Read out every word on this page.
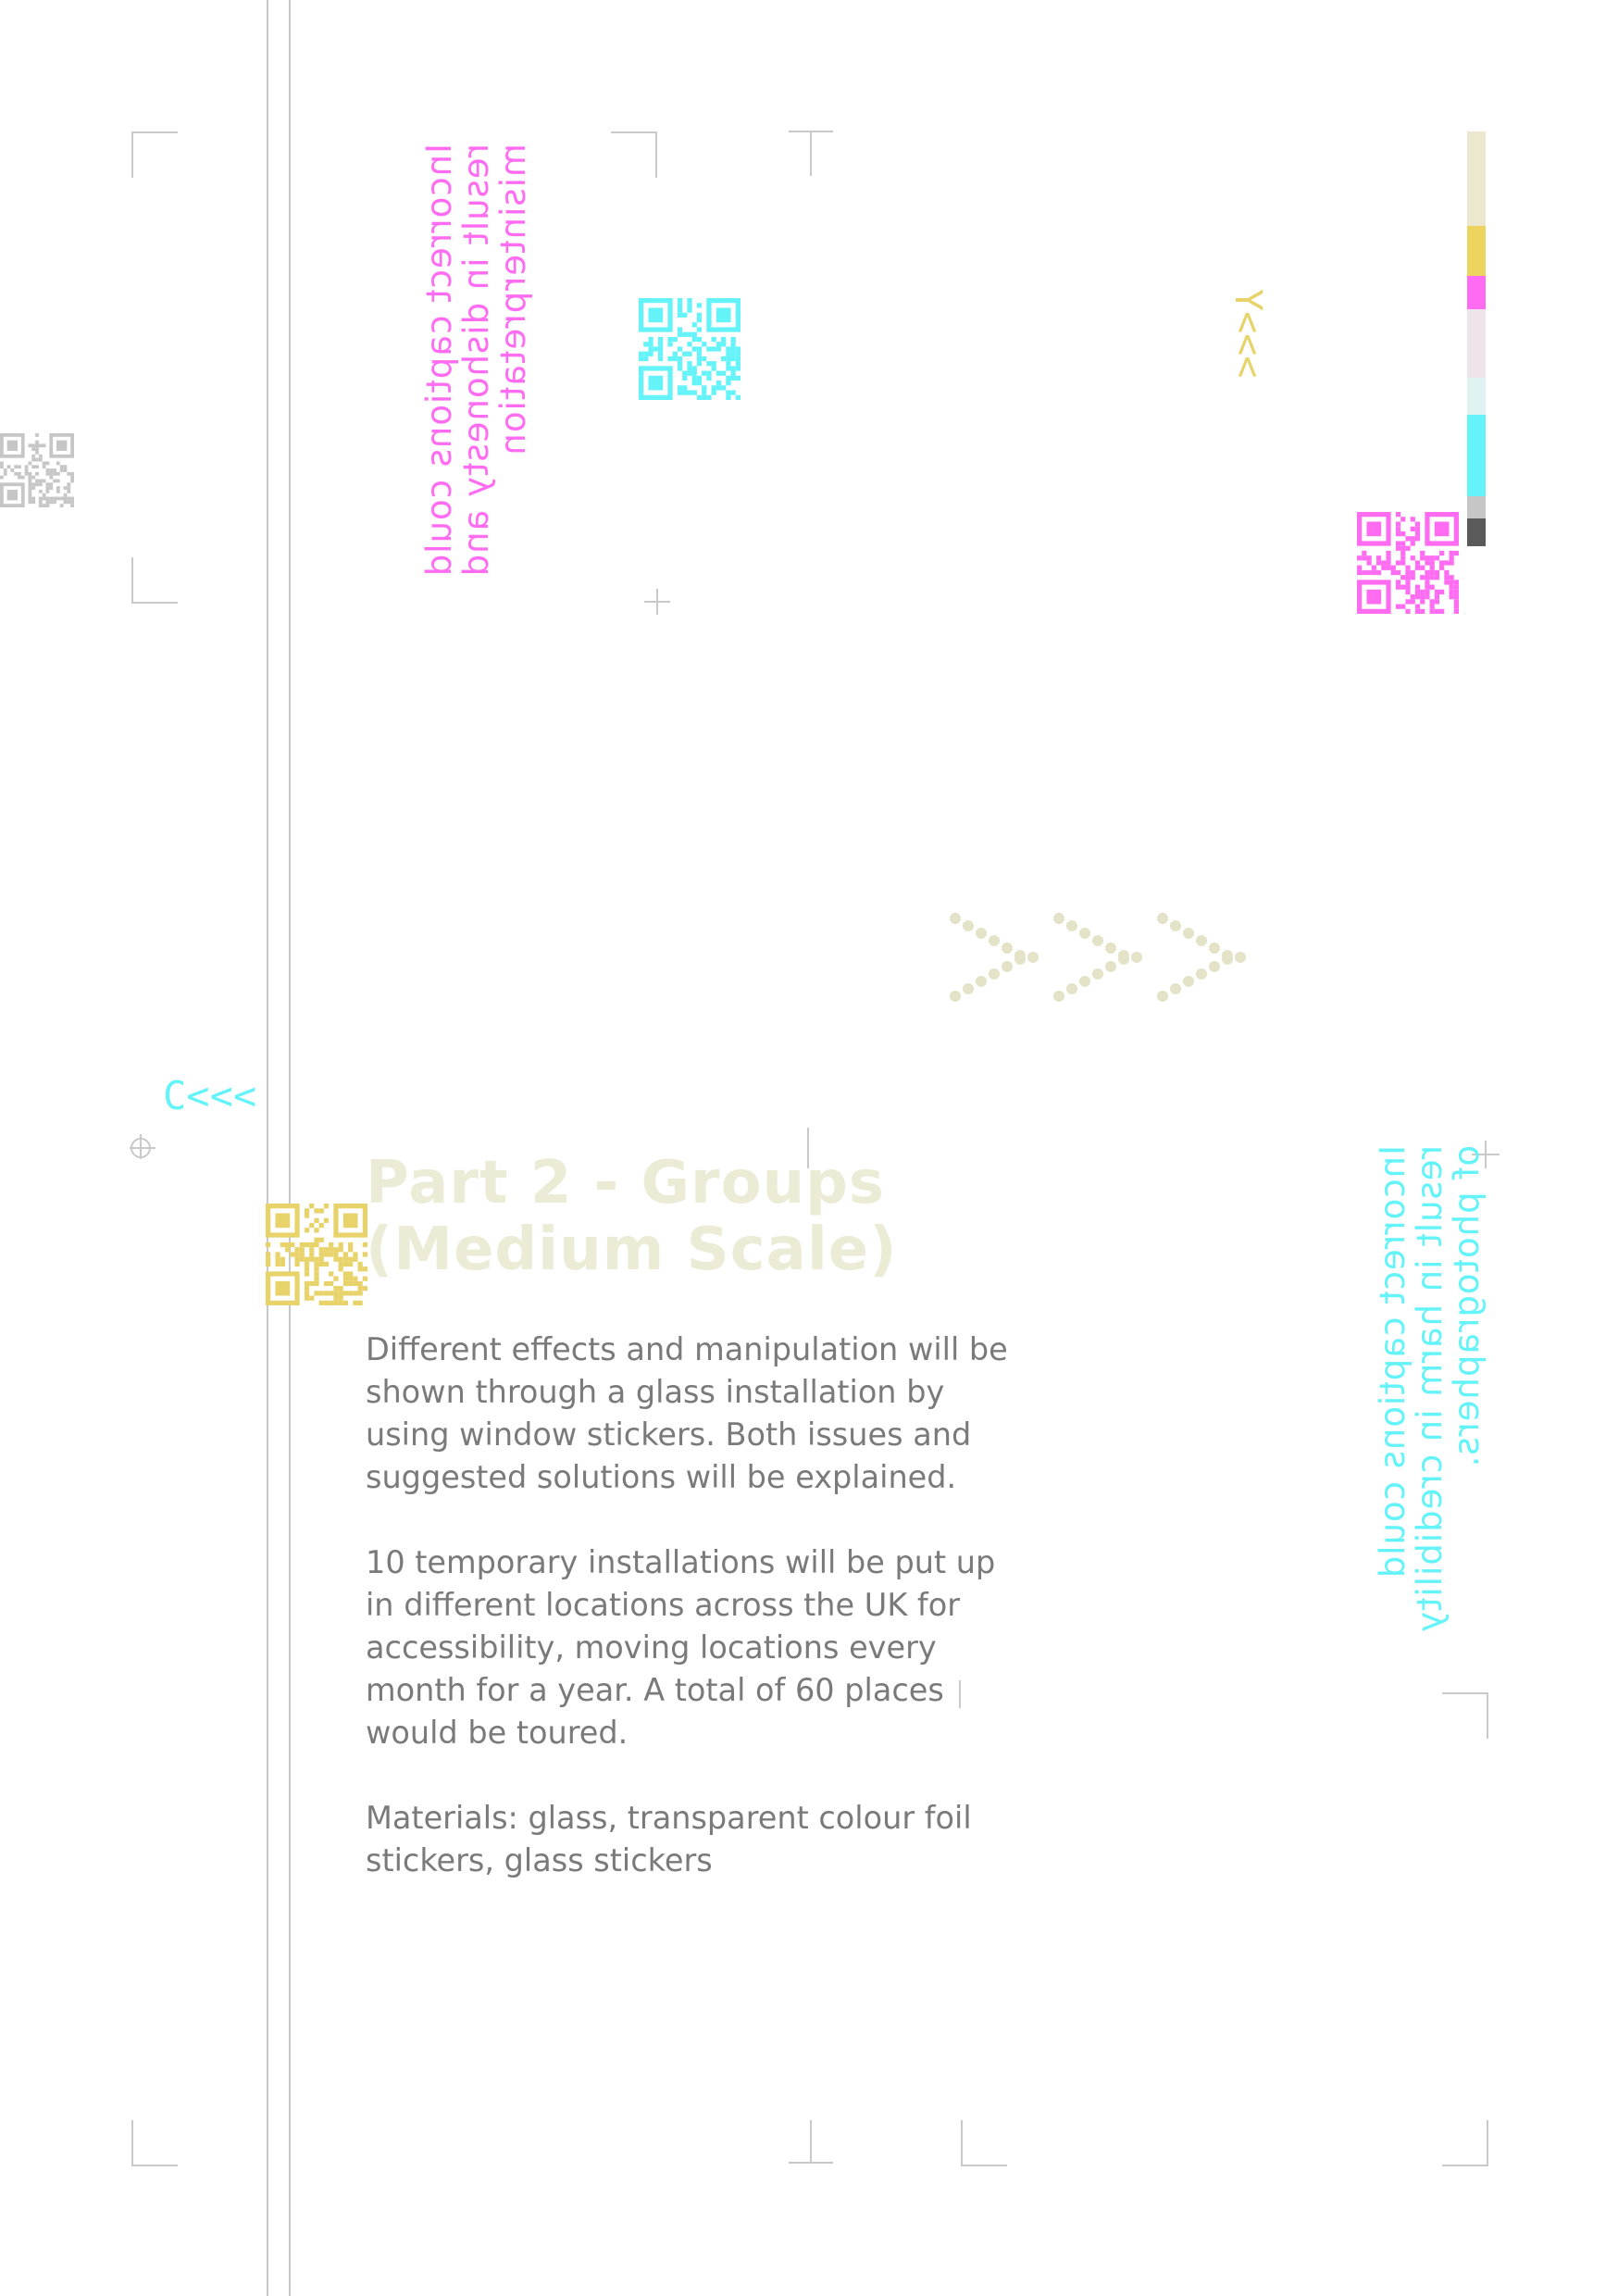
Incorrect captions could
result in dishonesty and
misinterpretation
Incorrect captions could
result in harm in credibility
of photographers.
Y<<<
C<<<
Part 2 - Groups
(Medium Scale)

Different effects and manipulation will be shown through a glass installation by using window stickers. Both issues and suggested solutions will be explained.

10 temporary installations will be put up in different locations across the UK for accessibility, moving locations every month for a year. A total of 60 places would be toured.

Materials: glass, transparent colour foil stickers, glass stickers
